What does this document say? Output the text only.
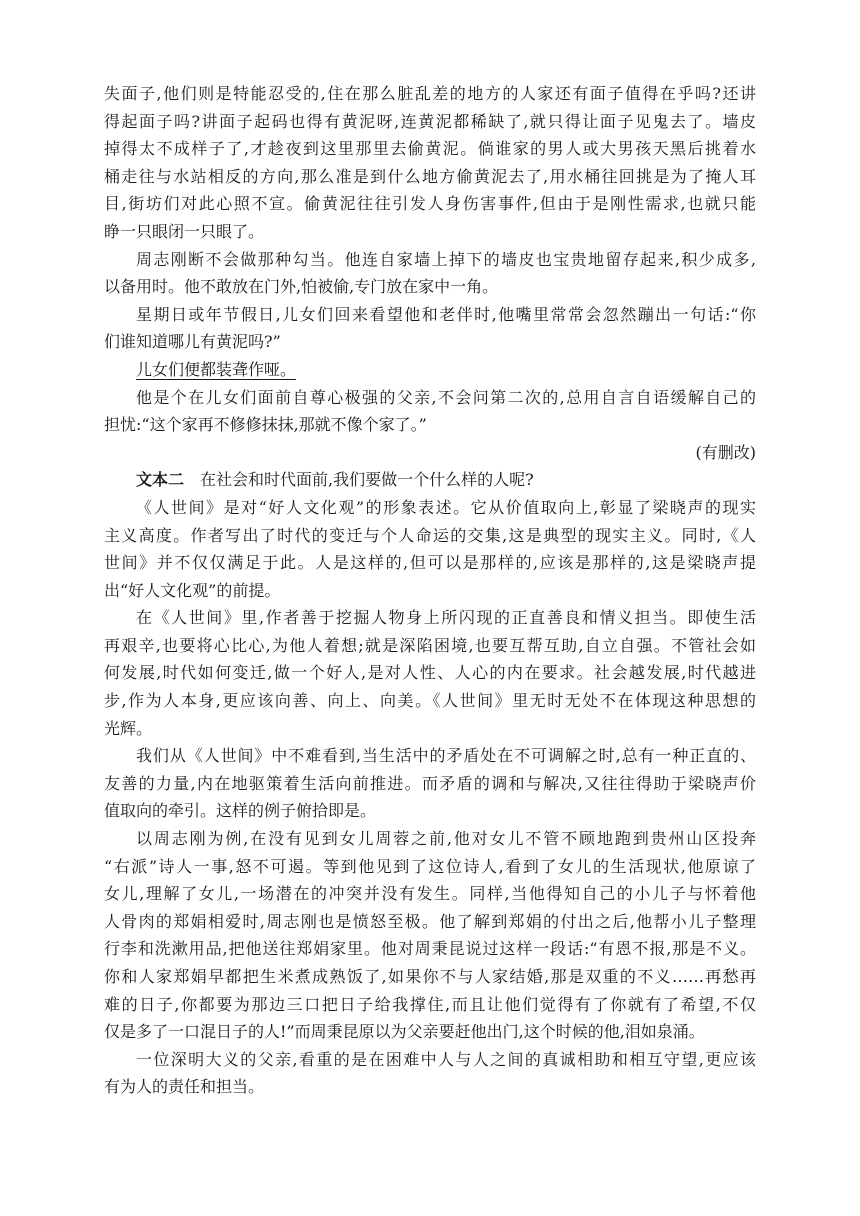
失面子,他们则是特能忍受的,住在那么脏乱差的地方的人家还有面子值得在乎吗?还讲
得起面子吗?讲面子起码也得有黄泥呀,连黄泥都稀缺了,就只得让面子见鬼去了。墙皮
掉得太不成样子了,才趁夜到这里那里去偷黄泥。倘谁家的男人或大男孩天黑后挑着水
桶走往与水站相反的方向,那么准是到什么地方偷黄泥去了,用水桶往回挑是为了掩人耳
目,街坊们对此心照不宣。偷黄泥往往引发人身伤害事件,但由于是刚性需求,也就只能
睁一只眼闭一只眼了。
周志刚断不会做那种勾当。他连自家墙上掉下的墙皮也宝贵地留存起来,积少成多,
以备用时。他不敢放在门外,怕被偷,专门放在家中一角。
星期日或年节假日,儿女们回来看望他和老伴时,他嘴里常常会忽然蹦出一句话:“你
们谁知道哪儿有黄泥吗?”
儿女们便都装聋作哑。
他是个在儿女们面前自尊心极强的父亲,不会问第二次的,总用自言自语缓解自己的
担忧:“这个家再不修修抹抹,那就不像个家了。”
(有删改)
文本二 在社会和时代面前,我们要做一个什么样的人呢?
《人世间》是对“好人文化观”的形象表述。它从价值取向上,彰显了梁晓声的现实
主义高度。作者写出了时代的变迁与个人命运的交集,这是典型的现实主义。同时,《人
世间》并不仅仅满足于此。人是这样的,但可以是那样的,应该是那样的,这是梁晓声提
出“好人文化观”的前提。
在《人世间》里,作者善于挖掘人物身上所闪现的正直善良和情义担当。即使生活
再艰辛,也要将心比心,为他人着想;就是深陷困境,也要互帮互助,自立自强。不管社会如
何发展,时代如何变迁,做一个好人,是对人性、人心的内在要求。社会越发展,时代越进
步,作为人本身,更应该向善、向上、向美。《人世间》里无时无处不在体现这种思想的
光辉。
我们从《人世间》中不难看到,当生活中的矛盾处在不可调解之时,总有一种正直的、
友善的力量,内在地驱策着生活向前推进。而矛盾的调和与解决,又往往得助于梁晓声价
值取向的牵引。这样的例子俯拾即是。
以周志刚为例,在没有见到女儿周蓉之前,他对女儿不管不顾地跑到贵州山区投奔
“右派”诗人一事,怒不可遏。等到他见到了这位诗人,看到了女儿的生活现状,他原谅了
女儿,理解了女儿,一场潜在的冲突并没有发生。同样,当他得知自己的小儿子与怀着他
人骨肉的郑娟相爱时,周志刚也是愤怒至极。他了解到郑娟的付出之后,他帮小儿子整理
行李和洗漱用品,把他送往郑娟家里。他对周秉昆说过这样一段话:“有恩不报,那是不义。
你和人家郑娟早都把生米煮成熟饭了,如果你不与人家结婚,那是双重的不义……再愁再
难的日子,你都要为那边三口把日子给我撑住,而且让他们觉得有了你就有了希望,不仅
仅是多了一口混日子的人!”而周秉昆原以为父亲要赶他出门,这个时候的他,泪如泉涌。
一位深明大义的父亲,看重的是在困难中人与人之间的真诚相助和相互守望,更应该
有为人的责任和担当。
